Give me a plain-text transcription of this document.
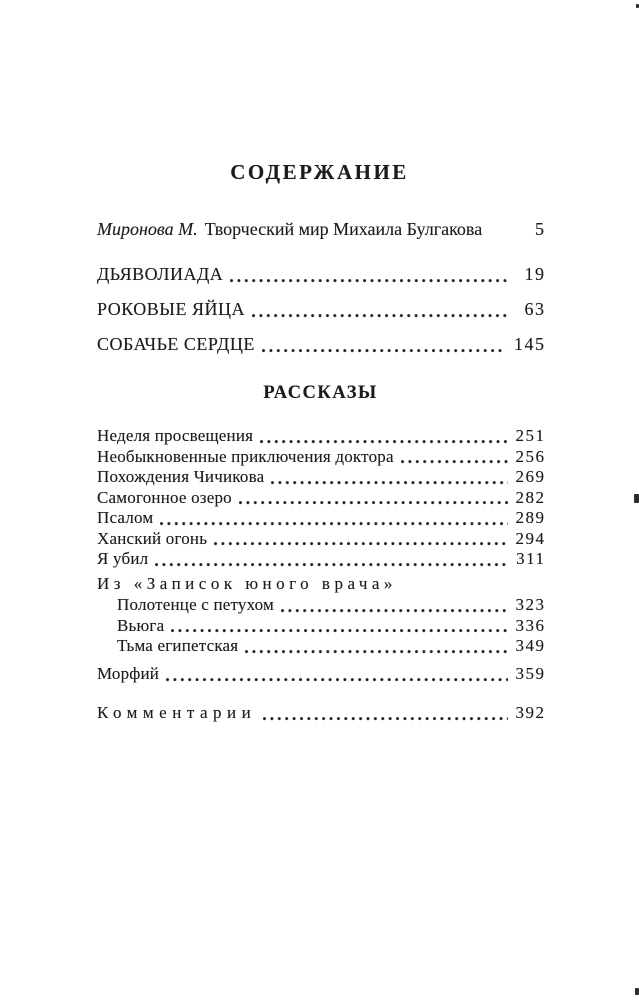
СОДЕРЖАНИЕ
Миронова М. Творческий мир Михаила Булгакова	5
ДЬЯВОЛИАДА	19
РОКОВЫЕ ЯЙЦА	63
СОБАЧЬЕ СЕРДЦЕ	145
РАССКАЗЫ
Неделя просвещения	251
Необыкновенные приключения доктора	256
Похождения Чичикова	269
Самогонное озеро	282
Псалом	289
Ханский огонь	294
Я убил	311
Из «Записок юного врача»
Полотенце с петухом	323
Вьюга	336
Тьма египетская	349
Морфий	359
Комментарии	392
